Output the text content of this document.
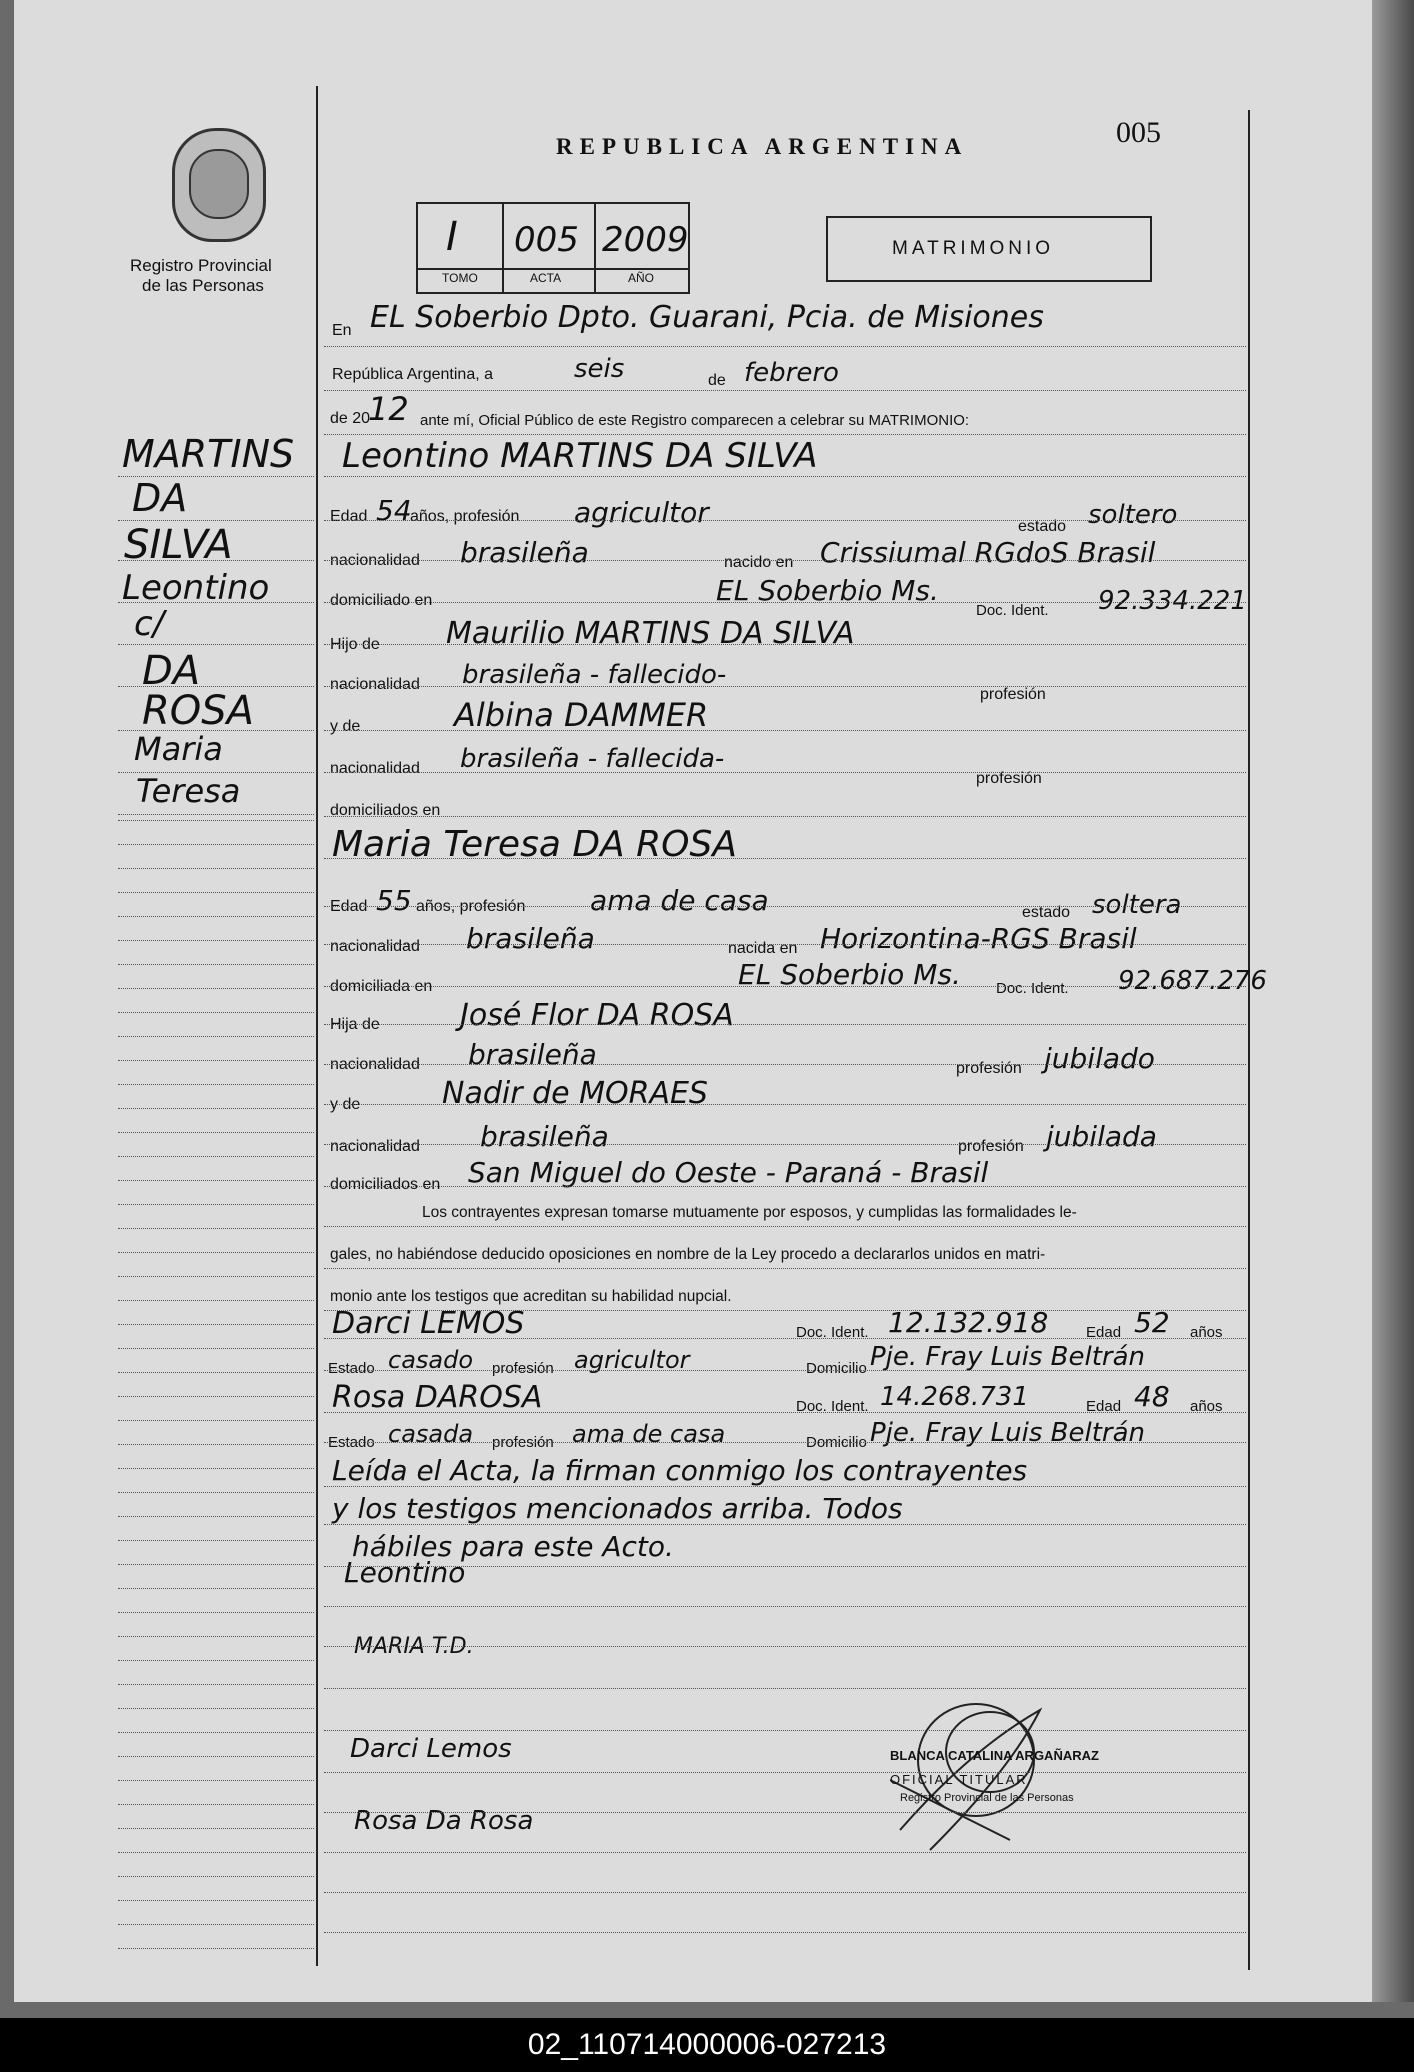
Registro Provincial
de las Personas
REPUBLICA ARGENTINA	005
I 005 2009
TOMO	ACTA	AÑO
MATRIMONIO
MARTINS
DA
SILVA
Leontino
c/
DA
ROSA
Maria
Teresa
En EL Soberbio Dpto. Guarani, Pcia. de Misiones
República Argentina, a	seis	de febrero
de 20
12 ante mí, Oficial Público de este Registro comparecen a celebrar su MATRIMONIO:
Leontino MARTINS DA SILVA
Edad 54
años, profesión agricultor	estado soltero
nacionalidad brasileña	nacido en Crissiumal RGdoS Brasil
domiciliado en	EL Soberbio Ms.
Doc. Ident. 92.334.221
Hijo de Maurilio MARTINS DA SILVA
nacionalidad brasileña - fallecido-
profesión
y de	Albina DAMMER
nacionalidad brasileña - fallecida-
profesión
domiciliados en
Maria Teresa DA ROSA
Edad 55 años, profesión ama de casa	estado soltera
nacionalidad brasileña	nacida en Horizontina-RGS Brasil
domiciliada en	EL Soberbio Ms. Doc. Ident. 92.687.276
Hija de	José Flor DA ROSA
nacionalidad brasileña	profesión jubilado
y de	Nadir de MORAES
nacionalidad brasileña	profesión jubilada
domiciliados en San Miguel do Oeste - Paraná - Brasil
Los contrayentes expresan tomarse mutuamente por esposos, y cumplidas las formalidades le-
gales, no habiéndose deducido oposiciones en nombre de la Ley procedo a declararlos unidos en matri-
monio ante los testigos que acreditan su habilidad nupcial.
Darci LEMOS	Doc. Ident. 12.132.918	Edad 52 años
Estado casado profesión agricultor	Domicilio Pje. Fray Luis Beltrán
Rosa DAROSA	Doc. Ident. 14.268.731	Edad 48 años
Estado casada profesión ama de casa	Domicilio Pje. Fray Luis Beltrán
Leída el Acta, la firman conmigo los contrayentes
y los testigos mencionados arriba. Todos
hábiles para este Acto.
Leontino
MARIA T.D.
Darci Lemos
Rosa Da Rosa
BLANCA CATALINA ARGAÑARAZ
OFICIAL TITULAR
Registro Provincial de las Personas
02_110714000006-027213
